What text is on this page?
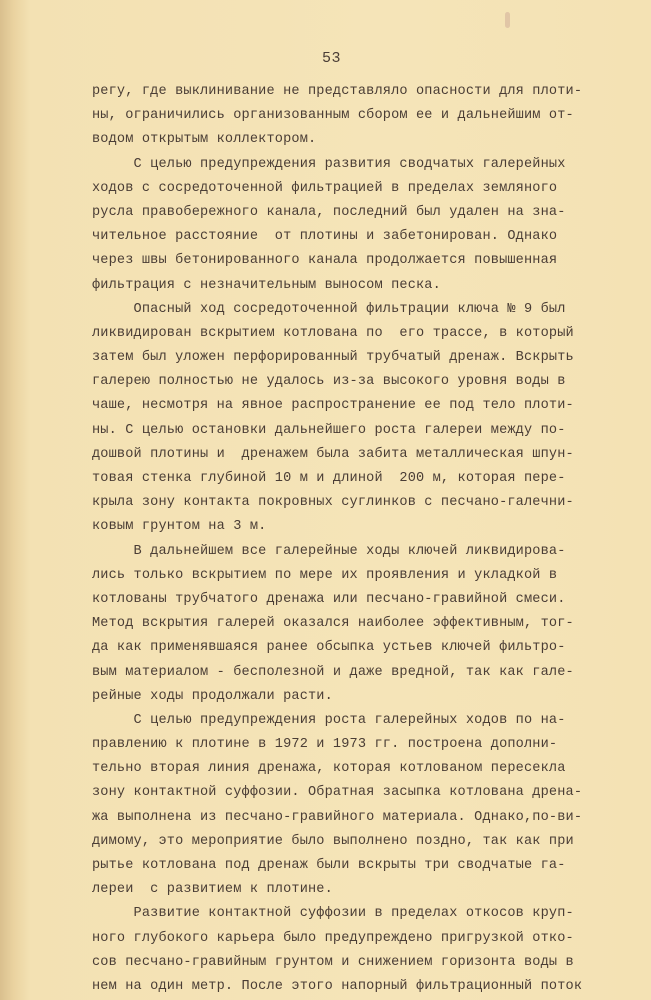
53
регу, где выклинивание не представляло опасности для плоти-
ны, ограничились организованным сбором ее и дальнейшим от-
водом открытым коллектором.
С целью предупреждения развития сводчатых галерейных
ходов с сосредоточенной фильтрацией в пределах земляного
русла правобережного канала, последний был удален на зна-
чительное расстояние  от плотины и забетонирован. Однако
через швы бетонированного канала продолжается повышенная
фильтрация с незначительным выносом песка.
Опасный ход сосредоточенной фильтрации ключа № 9 был
ликвидирован вскрытием котлована по  его трассе, в который
затем был уложен перфорированный трубчатый дренаж. Вскрыть
галерею полностью не удалось из-за высокого уровня воды в
чаше, несмотря на явное распространение ее под тело плоти-
ны. С целью остановки дальнейшего роста галереи между по-
дошвой плотины и  дренажем была забита металлическая шпун-
товая стенка глубиной 10 м и длиной  200 м, которая пере-
крыла зону контакта покровных суглинков с песчано-галечни-
ковым грунтом на 3 м.
В дальнейшем все галерейные ходы ключей ликвидирова-
лись только вскрытием по мере их проявления и укладкой в
котлованы трубчатого дренажа или песчано-гравийной смеси.
Метод вскрытия галерей оказался наиболее эффективным, тог-
да как применявшаяся ранее обсыпка устьев ключей фильтро-
вым материалом - бесполезной и даже вредной, так как гале-
рейные ходы продолжали расти.
С целью предупреждения роста галерейных ходов по на-
правлению к плотине в 1972 и 1973 гг. построена дополни-
тельно вторая линия дренажа, которая котлованом пересекла
зону контактной суффозии. Обратная засыпка котлована дрена-
жа выполнена из песчано-гравийного материала. Однако,по-ви-
димому, это мероприятие было выполнено поздно, так как при
рытье котлована под дренаж были вскрыты три сводчатые га-
лереи  с развитием к плотине.
Развитие контактной суффозии в пределах откосов круп-
ного глубокого карьера было предупреждено пригрузкой отко-
сов песчано-гравийным грунтом и снижением горизонта воды в
нем на один метр. После этого напорный фильтрационный поток
